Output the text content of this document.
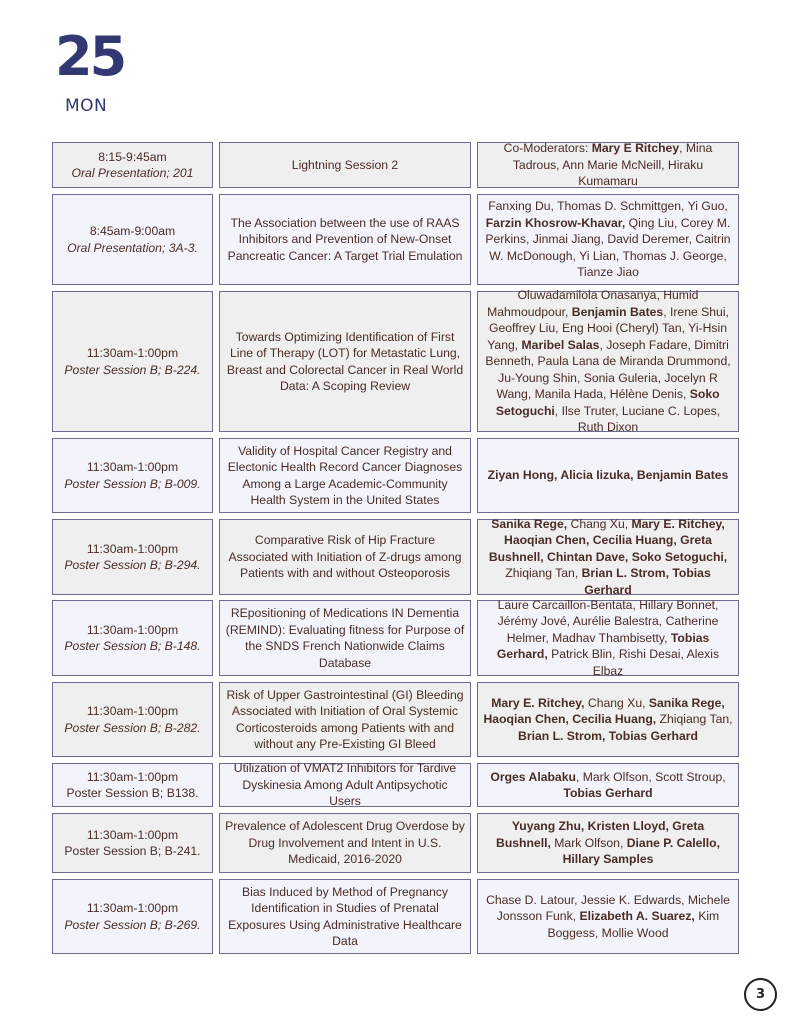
25
MON
8:15-9:45am
Oral Presentation; 201
Lightning Session 2
Co-Moderators: Mary E Ritchey, Mina Tadrous, Ann Marie McNeill, Hiraku Kumamaru
8:45am-9:00am
Oral Presentation; 3A-3.
The Association between the use of RAAS Inhibitors and Prevention of New-Onset Pancreatic Cancer: A Target Trial Emulation
Fanxing Du, Thomas D. Schmittgen, Yi Guo, Farzin Khosrow-Khavar, Qing Liu, Corey M. Perkins, Jinmai Jiang, David Deremer, Caitrin W. McDonough, Yi Lian, Thomas J. George, Tianze Jiao
11:30am-1:00pm
Poster Session B; B-224.
Towards Optimizing Identification of First Line of Therapy (LOT) for Metastatic Lung, Breast and Colorectal Cancer in Real World Data: A Scoping Review
Oluwadamilola Onasanya, Humid Mahmoudpour, Benjamin Bates, Irene Shui, Geoffrey Liu, Eng Hooi (Cheryl) Tan, Yi-Hsin Yang, Maribel Salas, Joseph Fadare, Dimitri Benneth, Paula Lana de Miranda Drummond, Ju-Young Shin, Sonia Guleria, Jocelyn R Wang, Manila Hada, Hélène Denis, Soko Setoguchi, Ilse Truter, Luciane C. Lopes, Ruth Dixon
11:30am-1:00pm
Poster Session B; B-009.
Validity of Hospital Cancer Registry and Electonic Health Record Cancer Diagnoses Among a Large Academic-Community Health System in the United States
Ziyan Hong, Alicia Iizuka, Benjamin Bates
11:30am-1:00pm
Poster Session B; B-294.
Comparative Risk of Hip Fracture Associated with Initiation of Z-drugs among Patients with and without Osteoporosis
Sanika Rege, Chang Xu, Mary E. Ritchey, Haoqian Chen, Cecilia Huang, Greta Bushnell, Chintan Dave, Soko Setoguchi, Zhiqiang Tan, Brian L. Strom, Tobias Gerhard
11:30am-1:00pm
Poster Session B; B-148.
REpositioning of Medications IN Dementia (REMIND): Evaluating fitness for Purpose of the SNDS French Nationwide Claims Database
Laure Carcaillon-Bentata, Hillary Bonnet, Jérémy Jové, Aurélie Balestra, Catherine Helmer, Madhav Thambisetty, Tobias Gerhard, Patrick Blin, Rishi Desai, Alexis Elbaz
11:30am-1:00pm
Poster Session B; B-282.
Risk of Upper Gastrointestinal (GI) Bleeding Associated with Initiation of Oral Systemic Corticosteroids among Patients with and without any Pre-Existing GI Bleed
Mary E. Ritchey, Chang Xu, Sanika Rege, Haoqian Chen, Cecilia Huang, Zhiqiang Tan, Brian L. Strom, Tobias Gerhard
11:30am-1:00pm
Poster Session B; B138.
Utilization of VMAT2 Inhibitors for Tardive Dyskinesia Among Adult Antipsychotic Users
Orges Alabaku, Mark Olfson, Scott Stroup, Tobias Gerhard
11:30am-1:00pm
Poster Session B; B-241.
Prevalence of Adolescent Drug Overdose by Drug Involvement and Intent in U.S. Medicaid, 2016-2020
Yuyang Zhu, Kristen Lloyd, Greta Bushnell, Mark Olfson, Diane P. Calello, Hillary Samples
11:30am-1:00pm
Poster Session B; B-269.
Bias Induced by Method of Pregnancy Identification in Studies of Prenatal Exposures Using Administrative Healthcare Data
Chase D. Latour, Jessie K. Edwards, Michele Jonsson Funk, Elizabeth A. Suarez, Kim Boggess, Mollie Wood
3
